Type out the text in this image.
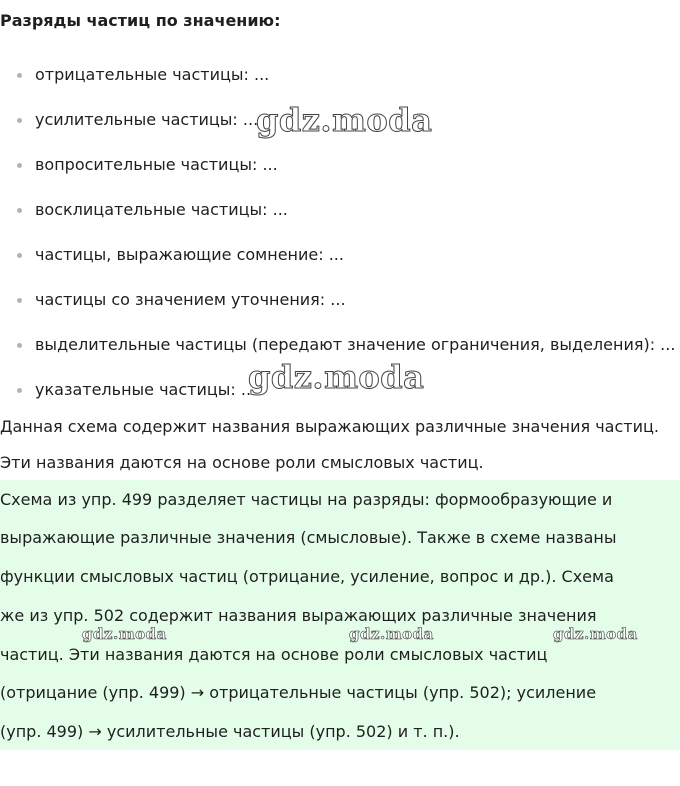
Разряды частиц по значению:
отрицательные частицы: ...
усилительные частицы: ...
вопросительные частицы: ...
восклицательные частицы: ...
частицы, выражающие сомнение: ...
частицы со значением уточнения: ...
выделительные частицы (передают значение ограничения, выделения): ...
указательные частицы: ...

Данная схема содержит названия выражающих различные значения частиц.

Эти названия даются на основе роли смысловых частиц.

Схема из упр. 499 разделяет частицы на разряды: формообразующие и
выражающие различные значения (смысловые). Также в схеме названы
функции смысловых частиц (отрицание, усиление, вопрос и др.). Схема
же из упр. 502 содержит названия выражающих различные значения
частиц. Эти названия даются на основе роли смысловых частиц
(отрицание (упр. 499) → отрицательные частицы (упр. 502); усиление
(упр. 499) → усилительные частицы (упр. 502) и т. п.).
gdz.moda
gdz.moda
gdz.moda	gdz.moda	gdz.moda
